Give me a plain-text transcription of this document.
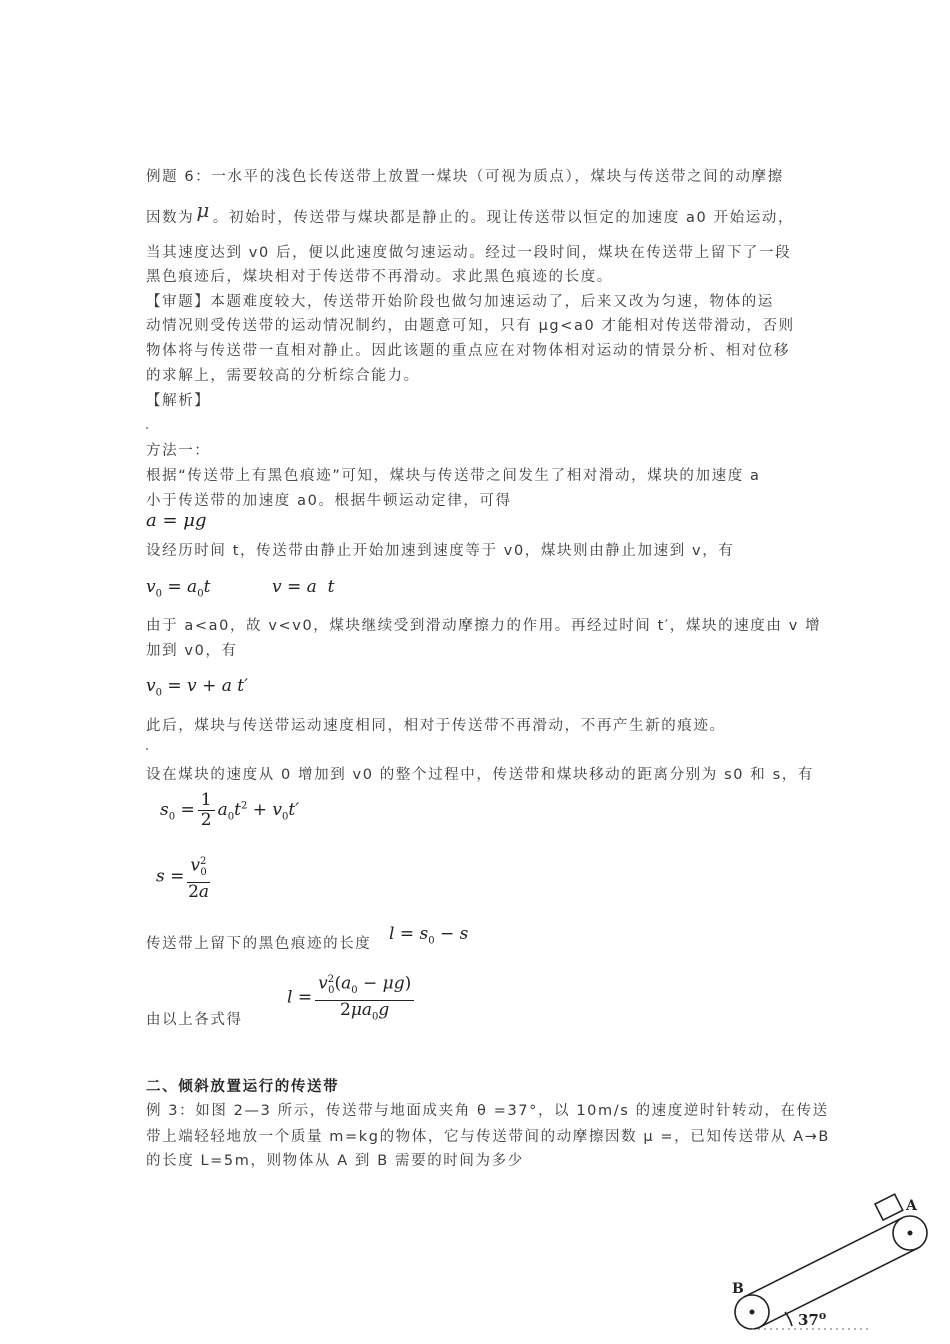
例题 6：一水平的浅色长传送带上放置一煤块（可视为质点），煤块与传送带之间的动摩擦
因数为 μ 。初始时，传送带与煤块都是静止的。现让传送带以恒定的加速度 a0 开始运动，
当其速度达到 v0 后，便以此速度做匀速运动。经过一段时间，煤块在传送带上留下了一段
黑色痕迹后，煤块相对于传送带不再滑动。求此黑色痕迹的长度。
【审题】本题难度较大，传送带开始阶段也做匀加速运动了，后来又改为匀速，物体的运
动情况则受传送带的运动情况制约，由题意可知，只有 μg<a0 才能相对传送带滑动，否则
物体将与传送带一直相对静止。因此该题的重点应在对物体相对运动的情景分析、相对位移
的求解上，需要较高的分析综合能力。
【解析】
方法一：
根据“传送带上有黑色痕迹”可知，煤块与传送带之间发生了相对滑动，煤块的加速度 a
小于传送带的加速度 a0。根据牛顿运动定律，可得
a = μg
设经历时间 t，传送带由静止开始加速到速度等于 v0，煤块则由静止加速到 v，有
$v_0 = a_0t$	v = a  t
由于 a<a0，故 v<v0，煤块继续受到滑动摩擦力的作用。再经过时间 t′，煤块的速度由 v 增
加到 v0，有
$v_0 = v + a$ t′
此后，煤块与传送带运动速度相同，相对于传送带不再滑动，不再产生新的痕迹。
设在煤块的速度从 0 增加到 v0 的整个过程中，传送带和煤块移动的距离分别为 s0 和 s，有
$s_0 = \frac{1}{2} a_0t^2 + v_0t'$
$s = \frac{v^2_0}{2a}$
传送带上留下的黑色痕迹的长度 $l = s_0 - s$
$l = \frac{v^2_0(a_0 - \mu g)}{2\mu a_0g}$
由以上各式得
二、倾斜放置运行的传送带
例 3：如图 2—3 所示，传送带与地面成夹角 θ =37°，以 10m/s 的速度逆时针转动，在传送
带上端轻轻地放一个质量 m=kg的物体，它与传送带间的动摩擦因数 μ =，已知传送带从 A→B
的长度 L=5m，则物体从 A 到 B 需要的时间为多少
A
B
37$^o$
